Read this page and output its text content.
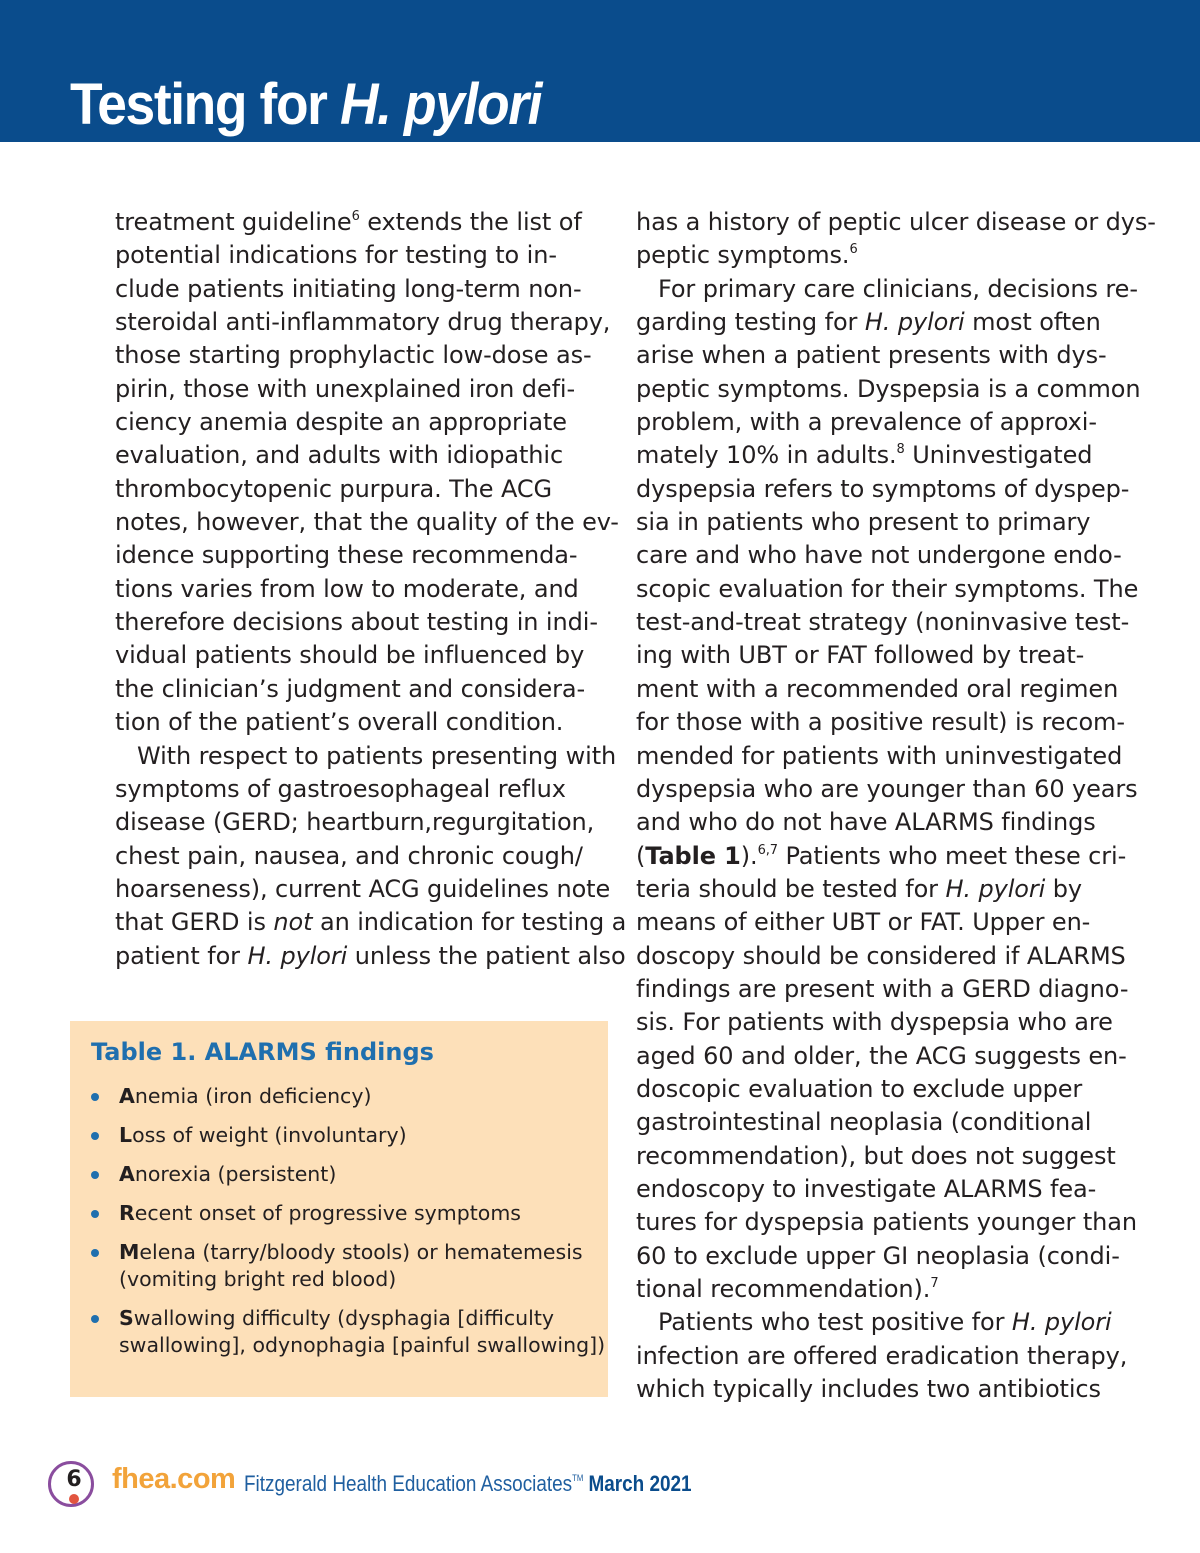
Testing for H. pylori
treatment guideline$^6$ extends the list of
potential indications for testing to in-
clude patients initiating long-term non-
steroidal anti-inflammatory drug therapy,
those starting prophylactic low-dose as-
pirin, those with unexplained iron defi-
ciency anemia despite an appropriate
evaluation, and adults with idiopathic
thrombocytopenic purpura. The ACG
notes, however, that the quality of the ev-
idence supporting these recommenda-
tions varies from low to moderate, and
therefore decisions about testing in indi-
vidual patients should be influenced by
the clinician’s judgment and considera-
tion of the patient’s overall condition.
With respect to patients presenting with
symptoms of gastroesophageal reflux
disease (GERD; heartburn,regurgitation,
chest pain, nausea, and chronic cough/
hoarseness), current ACG guidelines note
that GERD is not an indication for testing a
patient for H. pylori unless the patient also
has a history of peptic ulcer disease or dys-
peptic symptoms.$^6$
For primary care clinicians, decisions re-
garding testing for H. pylori most often
arise when a patient presents with dys-
peptic symptoms. Dyspepsia is a common
problem, with a prevalence of approxi-
mately 10% in adults.$^8$ Uninvestigated
dyspepsia refers to symptoms of dyspep-
sia in patients who present to primary
care and who have not undergone endo-
scopic evaluation for their symptoms. The
test-and-treat strategy (noninvasive test-
ing with UBT or FAT followed by treat-
ment with a recommended oral regimen
for those with a positive result) is recom-
mended for patients with uninvestigated
dyspepsia who are younger than 60 years
and who do not have ALARMS findings
(Table 1).$^{6,7}$ Patients who meet these cri-
teria should be tested for H. pylori by
means of either UBT or FAT. Upper en-
doscopy should be considered if ALARMS
findings are present with a GERD diagno-
sis. For patients with dyspepsia who are
aged 60 and older, the ACG suggests en-
doscopic evaluation to exclude upper
gastrointestinal neoplasia (conditional
recommendation), but does not suggest
endoscopy to investigate ALARMS fea-
tures for dyspepsia patients younger than
60 to exclude upper GI neoplasia (condi-
tional recommendation).$^7$
Patients who test positive for H. pylori
infection are offered eradication therapy,
which typically includes two antibiotics
Table 1. ALARMS findings
Anemia (iron deficiency)
Loss of weight (involuntary)
Anorexia (persistent)
Recent onset of progressive symptoms
Melena (tarry/bloody stools) or hematemesis
(vomiting bright red blood)
Swallowing difficulty (dysphagia [difficulty
swallowing], odynophagia [painful swallowing])
6	fhea.com Fitzgerald Health Education Associates™ March 2021
